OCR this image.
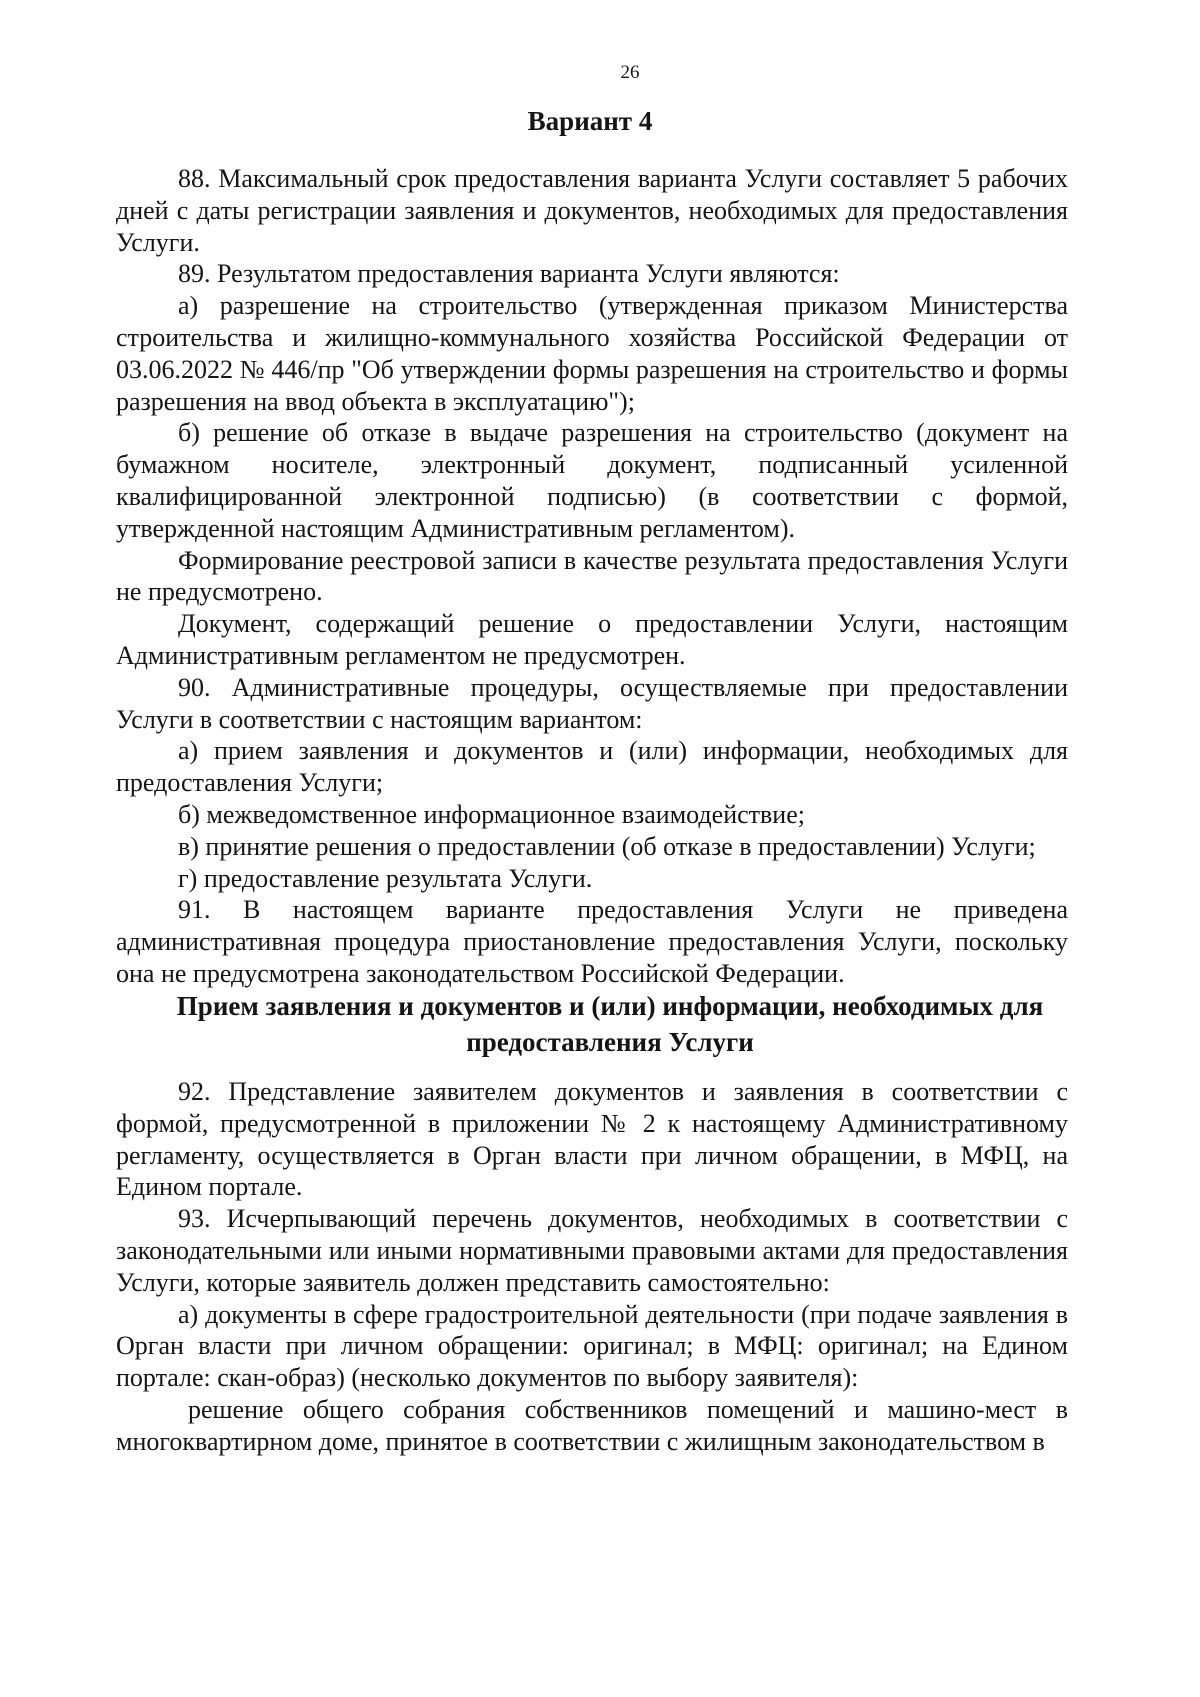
26
Вариант 4

88. Максимальный срок предоставления варианта Услуги составляет 5 рабочих дней с даты регистрации заявления и документов, необходимых для предоставления Услуги.

89. Результатом предоставления варианта Услуги являются:

а) разрешение на строительство (утвержденная приказом Министерства строительства и жилищно-коммунального хозяйства Российской Федерации от 03.06.2022 № 446/пр "Об утверждении формы разрешения на строительство и формы разрешения на ввод объекта в эксплуатацию");

б) решение об отказе в выдаче разрешения на строительство (документ на бумажном носителе, электронный документ, подписанный усиленной квалифицированной электронной подписью) (в соответствии с формой, утвержденной настоящим Административным регламентом).

Формирование реестровой записи в качестве результата предоставления Услуги не предусмотрено.

Документ, содержащий решение о предоставлении Услуги, настоящим Административным регламентом не предусмотрен.

90. Административные процедуры, осуществляемые при предоставлении Услуги в соответствии с настоящим вариантом:

а) прием заявления и документов и (или) информации, необходимых для предоставления Услуги;

б) межведомственное информационное взаимодействие;

в) принятие решения о предоставлении (об отказе в предоставлении) Услуги;

г) предоставление результата Услуги.

91. В настоящем варианте предоставления Услуги не приведена административная процедура приостановление предоставления Услуги, поскольку она не предусмотрена законодательством Российской Федерации.

Прием заявления и документов и (или) информации, необходимых для
предоставления Услуги

92. Представление заявителем документов и заявления в соответствии с формой, предусмотренной в приложении № 2 к настоящему Административному регламенту, осуществляется в Орган власти при личном обращении, в МФЦ, на Едином портале.

93. Исчерпывающий перечень документов, необходимых в соответствии с законодательными или иными нормативными правовыми актами для предоставления Услуги, которые заявитель должен представить самостоятельно:

а) документы в сфере градостроительной деятельности (при подаче заявления в Орган власти при личном обращении: оригинал; в МФЦ: оригинал; на Едином портале: скан-образ) (несколько документов по выбору заявителя):

решение общего собрания собственников помещений и машино-мест в многоквартирном доме, принятое в соответствии с жилищным законодательством в
